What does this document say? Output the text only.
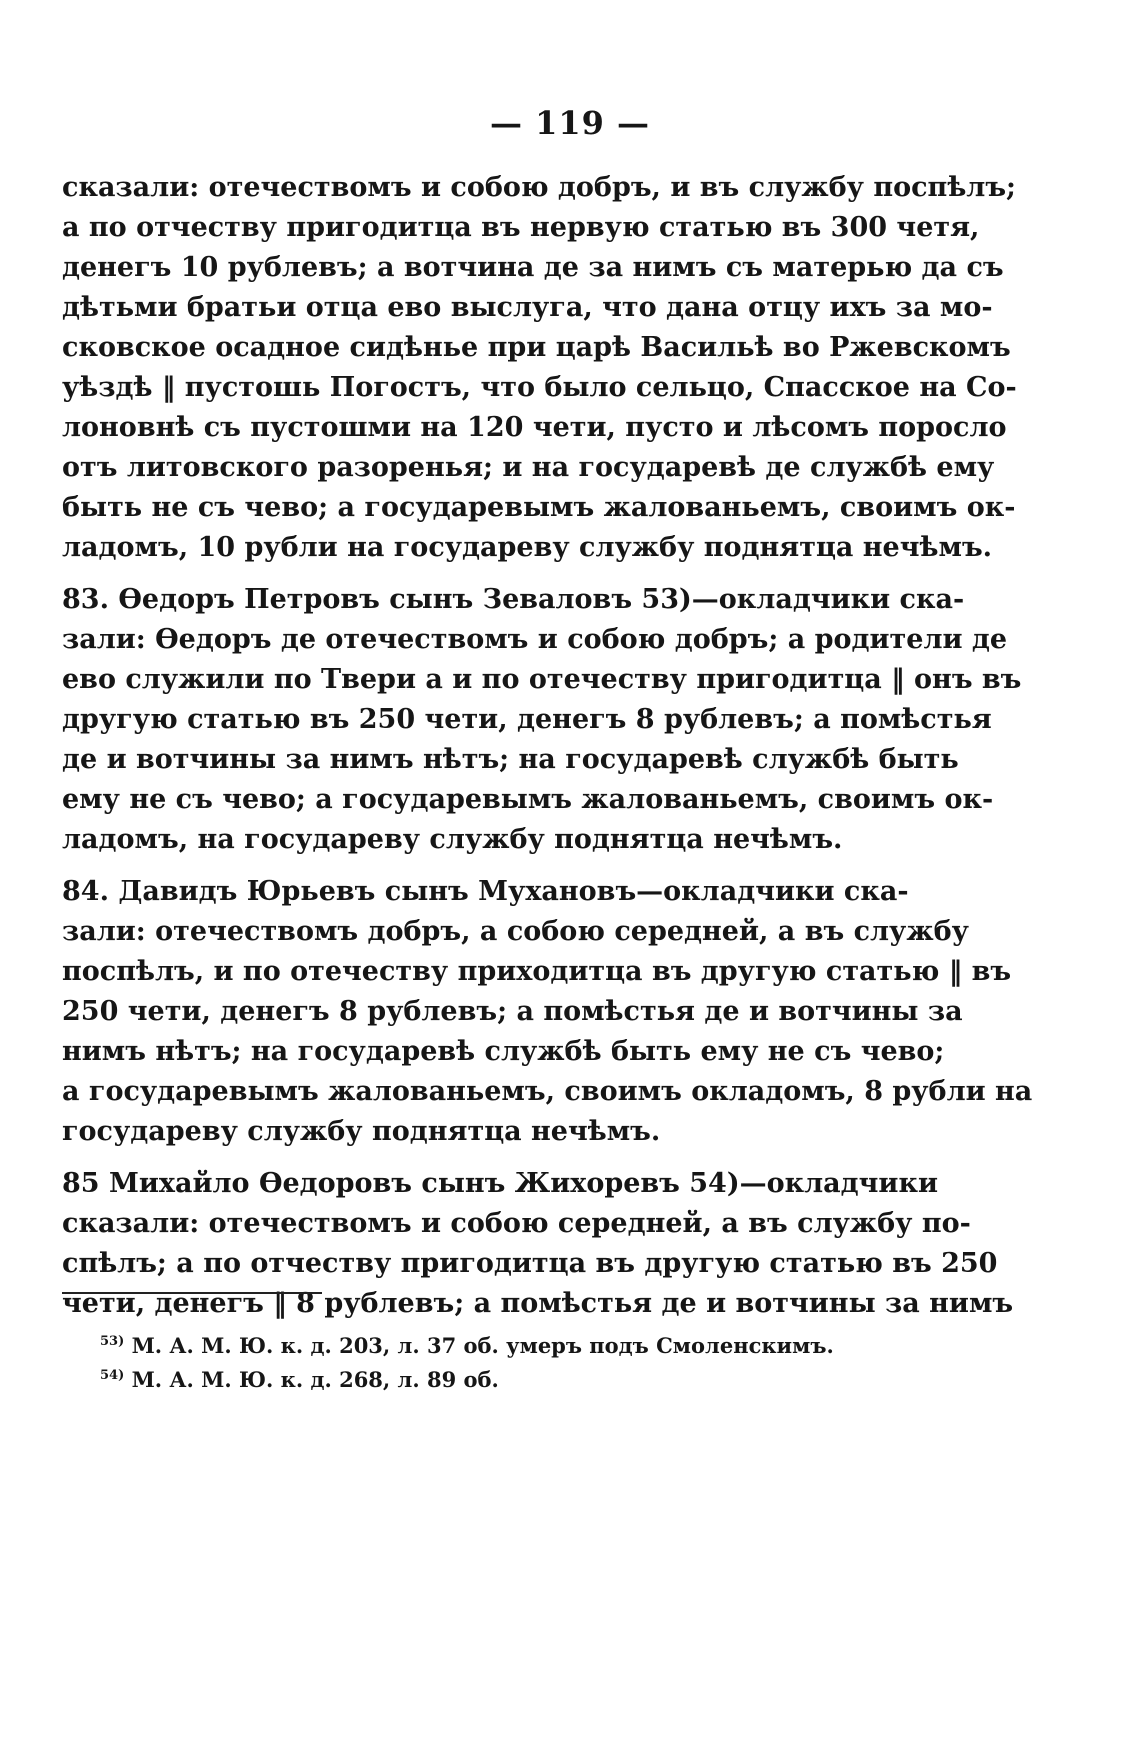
— 119 —
сказали: отечествомъ и собою добръ, и въ службу поспѣлъ;
а по отчеству пригодитца въ нервую статью въ 300 четя,
денегъ 10 рублевъ; а вотчина де за нимъ съ матерью да съ
дѣтьми братьи отца ево выслуга, что дана отцу ихъ за мо-
сковское осадное сидѣнье при царѣ Васильѣ во Ржевскомъ
уѣздѣ ‖ пустошь Погостъ, что было сельцо, Спасское на Со-
лоновнѣ съ пустошми на 120 чети, пусто и лѣсомъ поросло
отъ литовского разоренья; и на государевѣ де службѣ ему
быть не съ чево; а государевымъ жалованьемъ, своимъ ок-
ладомъ, 10 рубли на государеву службу поднятца нечѣмъ.
83. Ѳедоръ Петровъ сынъ Зеваловъ 53)—окладчики ска-
зали: Ѳедоръ де отечествомъ и собою добръ; а родители де
ево служили по Твери а и по отечеству пригодитца ‖ онъ въ
другую статью въ 250 чети, денегъ 8 рублевъ; а помѣстья
де и вотчины за нимъ нѣтъ; на государевѣ службѣ быть
ему не съ чево; а государевымъ жалованьемъ, своимъ ок-
ладомъ, на государеву службу поднятца нечѣмъ.
84. Давидъ Юрьевъ сынъ Мухановъ—окладчики ска-
зали: отечествомъ добръ, а собою середней, а въ службу
поспѣлъ, и по отечеству приходитца въ другую статью ‖ въ
250 чети, денегъ 8 рублевъ; а помѣстья де и вотчины за
нимъ нѣтъ; на государевѣ службѣ быть ему не съ чево;
а государевымъ жалованьемъ, своимъ окладомъ, 8 рубли на
государеву службу поднятца нечѣмъ.
85 Михайло Ѳедоровъ сынъ Жихоревъ 54)—окладчики
сказали: отечествомъ и собою середней, а въ службу по-
спѣлъ; а по отчеству пригодитца въ другую статью въ 250
чети, денегъ ‖ 8 рублевъ; а помѣстья де и вотчины за нимъ
$^{53)}$ М. А. М. Ю. к. д. 203, л. 37 об. умеръ подъ Смоленскимъ.
$^{54)}$ М. А. М. Ю. к. д. 268, л. 89 об.
